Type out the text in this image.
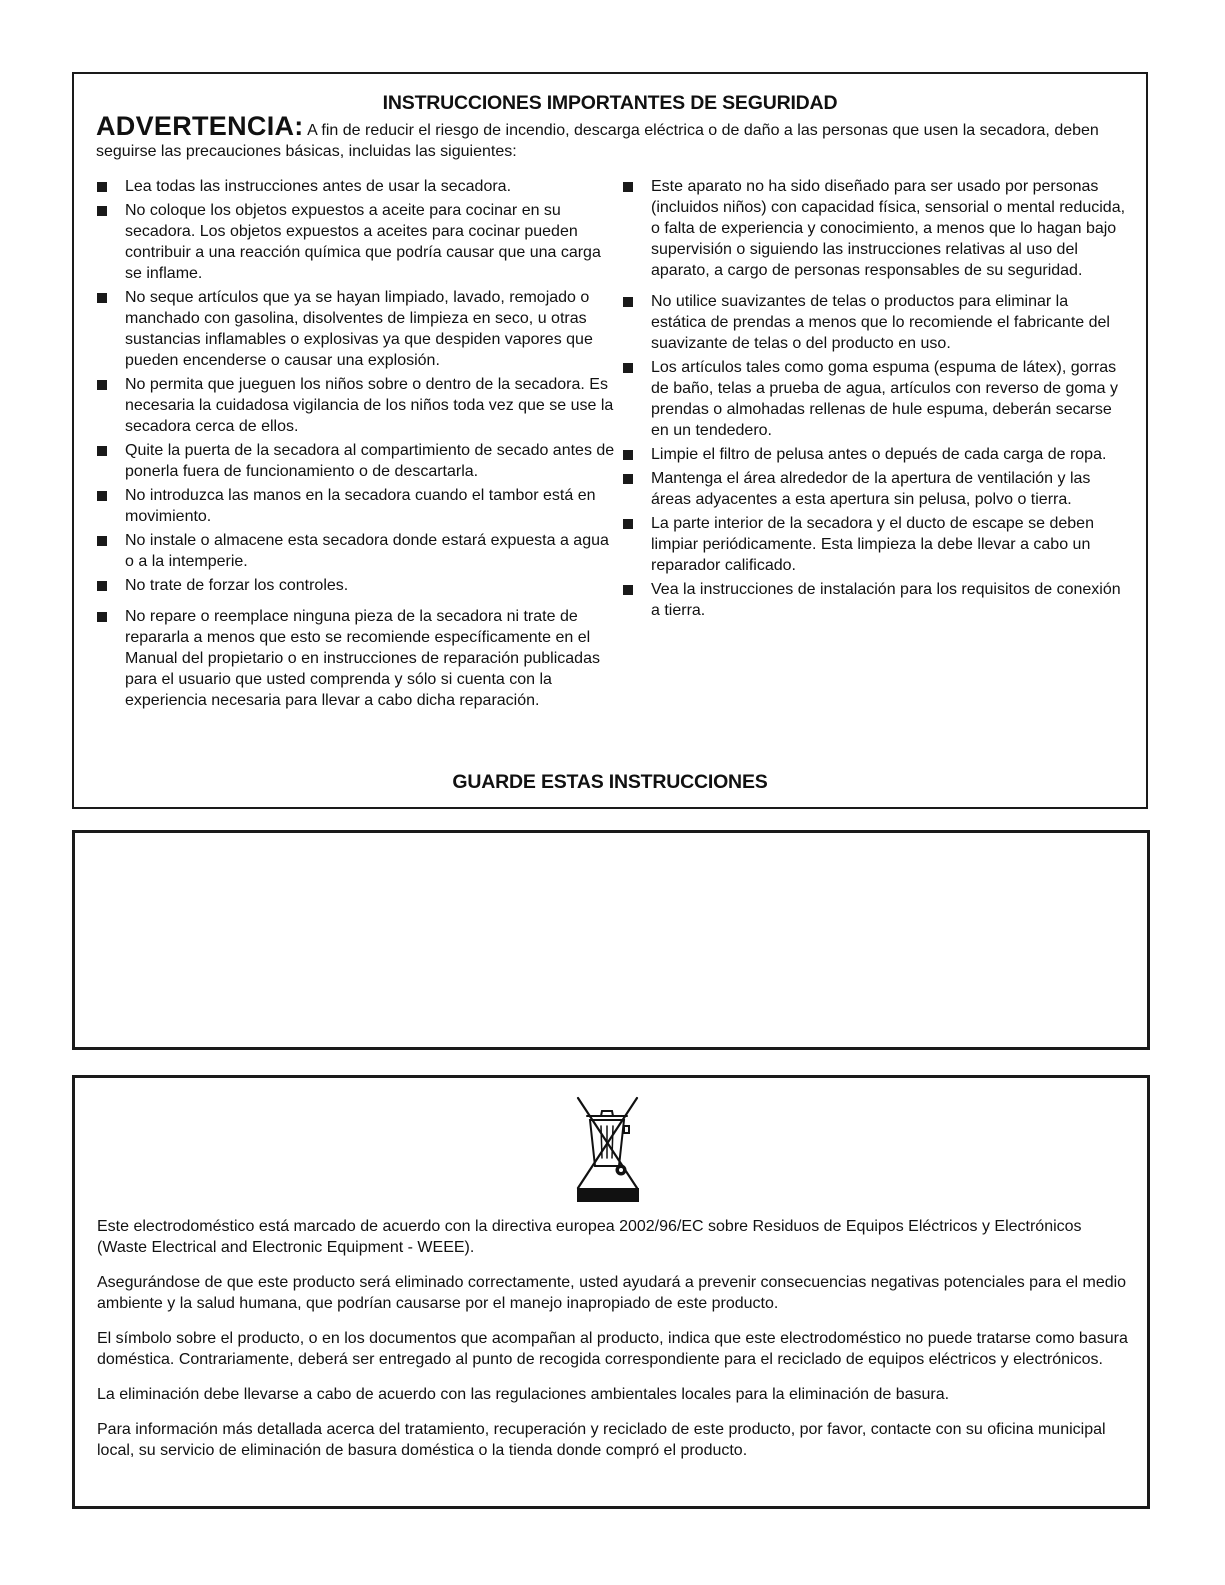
INSTRUCCIONES IMPORTANTES DE SEGURIDAD
ADVERTENCIA: A fin de reducir el riesgo de incendio, descarga eléctrica o de daño a las personas que usen la secadora, deben seguirse las precauciones básicas, incluidas las siguientes:
Lea todas las instrucciones antes de usar la secadora.
No coloque los objetos expuestos a aceite para cocinar en su secadora. Los objetos expuestos a aceites para cocinar pueden contribuir a una reacción química que podría causar que una carga se inflame.
No seque artículos que ya se hayan limpiado, lavado, remojado o manchado con gasolina, disolventes de limpieza en seco, u otras sustancias inflamables o explosivas ya que despiden vapores que pueden encenderse o causar una explosión.
No permita que jueguen los niños sobre o dentro de la secadora. Es necesaria la cuidadosa vigilancia de los niños toda vez que se use la secadora cerca de ellos.
Quite la puerta de la secadora al compartimiento de secado antes de ponerla fuera de funcionamiento o de descartarla.
No introduzca las manos en la secadora cuando el tambor está en movimiento.
No instale o almacene esta secadora donde estará expuesta a agua o a la intemperie.
No trate de forzar los controles.
No repare o reemplace ninguna pieza de la secadora ni trate de repararla a menos que esto se recomiende específicamente en el Manual del propietario o en instrucciones de reparación publicadas para el usuario que usted comprenda y sólo si cuenta con la experiencia necesaria para llevar a cabo dicha reparación.
Este aparato no ha sido diseñado para ser usado por personas (incluidos niños) con capacidad física, sensorial o mental reducida, o falta de experiencia y conocimiento, a menos que lo hagan bajo supervisión o siguiendo las instrucciones relativas al uso del aparato, a cargo de personas responsables de su seguridad.
No utilice suavizantes de telas o productos para eliminar la estática de prendas a menos que lo recomiende el fabricante del suavizante de telas o del producto en uso.
Los artículos tales como goma espuma (espuma de látex), gorras de baño, telas a prueba de agua, artículos con reverso de goma y prendas o almohadas rellenas de hule espuma, deberán secarse en un tendedero.
Limpie el filtro de pelusa antes o depués de cada carga de ropa.
Mantenga el área alrededor de la apertura de ventilación y las áreas adyacentes a esta apertura sin pelusa, polvo o tierra.
La parte interior de la secadora y el ducto de escape se deben limpiar periódicamente. Esta limpieza la debe llevar a cabo un reparador calificado.
Vea la instrucciones de instalación para los requisitos de conexión a tierra.
GUARDE ESTAS INSTRUCCIONES

Este electrodoméstico está marcado de acuerdo con la directiva europea 2002/96/EC sobre Residuos de Equipos Eléctricos y Electrónicos (Waste Electrical and Electronic Equipment - WEEE).

Asegurándose de que este producto será eliminado correctamente, usted ayudará a prevenir consecuencias negativas potenciales para el medio ambiente y la salud humana, que podrían causarse por el manejo inapropiado de este producto.

El símbolo sobre el producto, o en los documentos que acompañan al producto, indica que este electrodoméstico no puede tratarse como basura doméstica. Contrariamente, deberá ser entregado al punto de recogida correspondiente para el reciclado de equipos eléctricos y electrónicos.

La eliminación debe llevarse a cabo de acuerdo con las regulaciones ambientales locales para la eliminación de basura.

Para información más detallada acerca del tratamiento, recuperación y reciclado de este producto, por favor, contacte con su oficina municipal local, su servicio de eliminación de basura doméstica o la tienda donde compró el producto.
